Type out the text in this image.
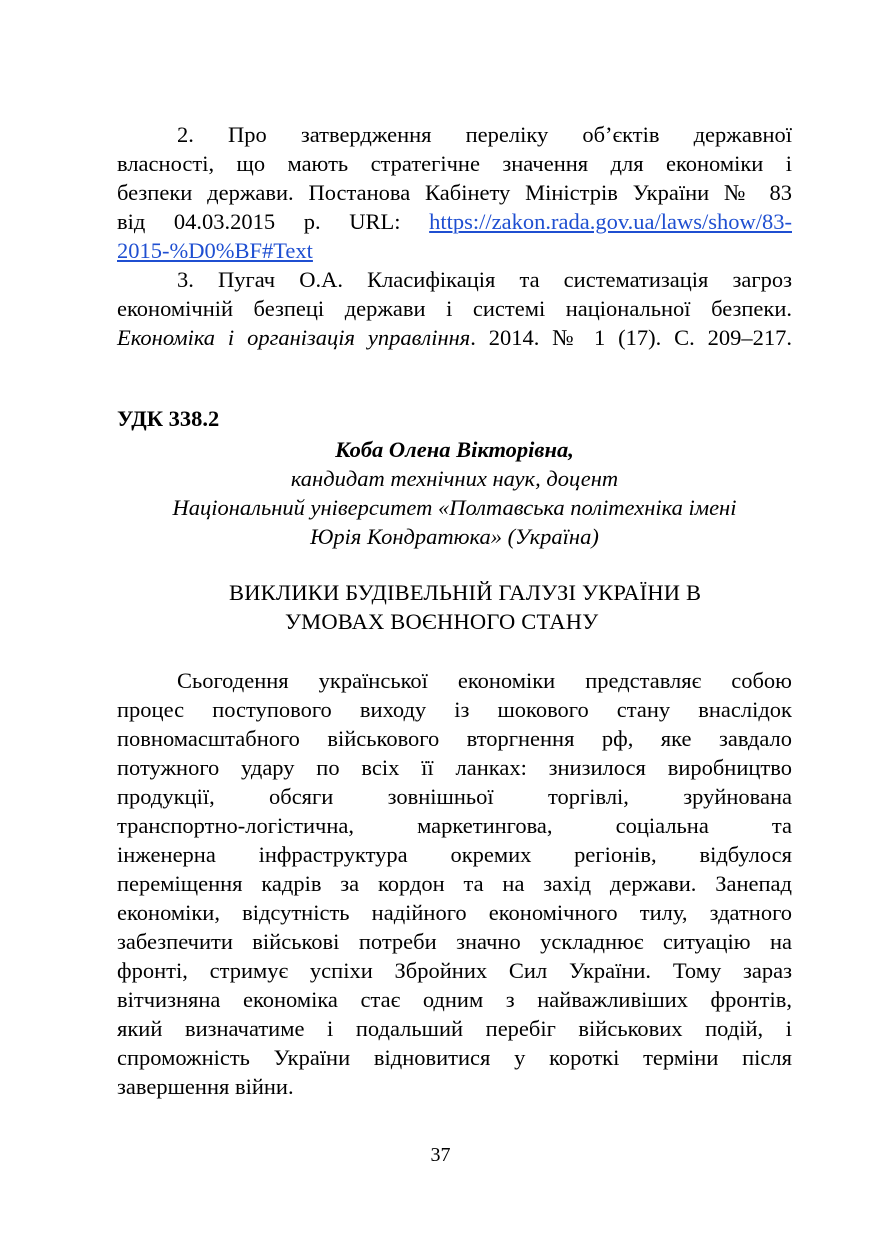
2. Про затвердження переліку об’єктів державної
власності, що мають стратегічне значення для економіки і
безпеки держави. Постанова Кабінету Міністрів України № 83
від 04.03.2015 р. URL: https://zakon.rada.gov.ua/laws/show/83-
2015-%D0%BF#Text
3. Пугач О.А. Класифікація та систематизація загроз
економічній безпеці держави і системі національної безпеки.
Економіка і організація управління. 2014. № 1 (17). С. 209–217.
УДК 338.2
Коба Олена Вікторівна,
кандидат технічних наук, доцент
Національний університет «Полтавська політехніка імені
Юрія Кондратюка» (Україна)
ВИКЛИКИ БУДІВЕЛЬНІЙ ГАЛУЗІ УКРАЇНИ В
УМОВАХ ВОЄННОГО СТАНУ
Сьогодення української економіки представляє собою
процес поступового виходу із шокового стану внаслідок
повномасштабного військового вторгнення рф, яке завдало
потужного удару по всіх її ланках: знизилося виробництво
продукції, обсяги зовнішньої торгівлі, зруйнована
транспортно-логістична, маркетингова, соціальна та
інженерна інфраструктура окремих регіонів, відбулося
переміщення кадрів за кордон та на захід держави. Занепад
економіки, відсутність надійного економічного тилу, здатного
забезпечити військові потреби значно ускладнює ситуацію на
фронті, стримує успіхи Збройних Сил України. Тому зараз
вітчизняна економіка стає одним з найважливіших фронтів,
який визначатиме і подальший перебіг військових подій, і
спроможність України відновитися у короткі терміни після
завершення війни.
37
